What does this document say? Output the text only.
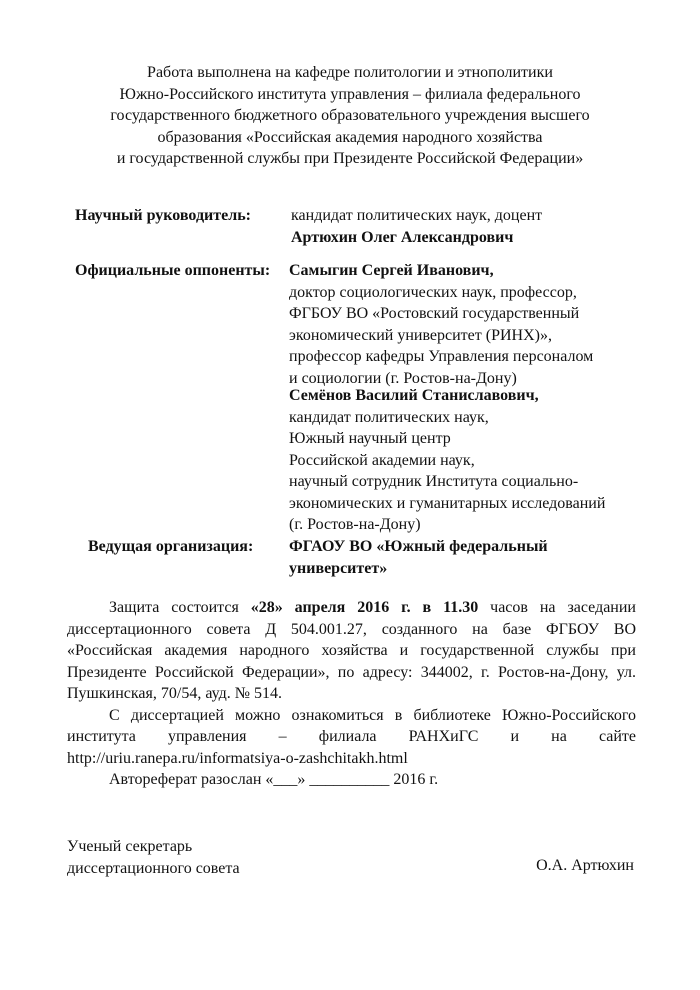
Работа выполнена на кафедре политологии и этнополитики
Южно-Российского института управления – филиала федерального
государственного бюджетного образовательного учреждения высшего
образования «Российская академия народного хозяйства
и государственной службы при Президенте Российской Федерации»
Научный руководитель:	кандидат политических наук, доцент
Артюхин Олег Александрович
Официальные оппоненты: Самыгин Сергей Иванович,
доктор социологических наук, профессор,
ФГБОУ ВО «Ростовский государственный
экономический университет (РИНХ)»,
профессор кафедры Управления персоналом
и социологии (г. Ростов-на-Дону)
Семёнов Василий Станиславович,
кандидат политических наук,
Южный научный центр
Российской академии наук,
научный сотрудник Института социально-
экономических и гуманитарных исследований
(г. Ростов-на-Дону)
Ведущая организация: ФГАОУ ВО «Южный федеральный
университет»

Защита состоится «28» апреля 2016 г. в 11.30 часов на заседании диссертационного совета Д 504.001.27, созданного на базе ФГБОУ ВО «Российская академия народного хозяйства и государственной службы при Президенте Российской Федерации», по адресу: 344002, г. Ростов-на-Дону, ул. Пушкинская, 70/54, ауд. № 514.

С диссертацией можно ознакомиться в библиотеке Южно-Российского института управления – филиала РАНХиГС и на сайте http://uriu.ranepa.ru/informatsiya-o-zashchitakh.html

Автореферат разослан «___» __________ 2016 г.

Ученый секретарь
диссертационного совета	О.А. Артюхин
